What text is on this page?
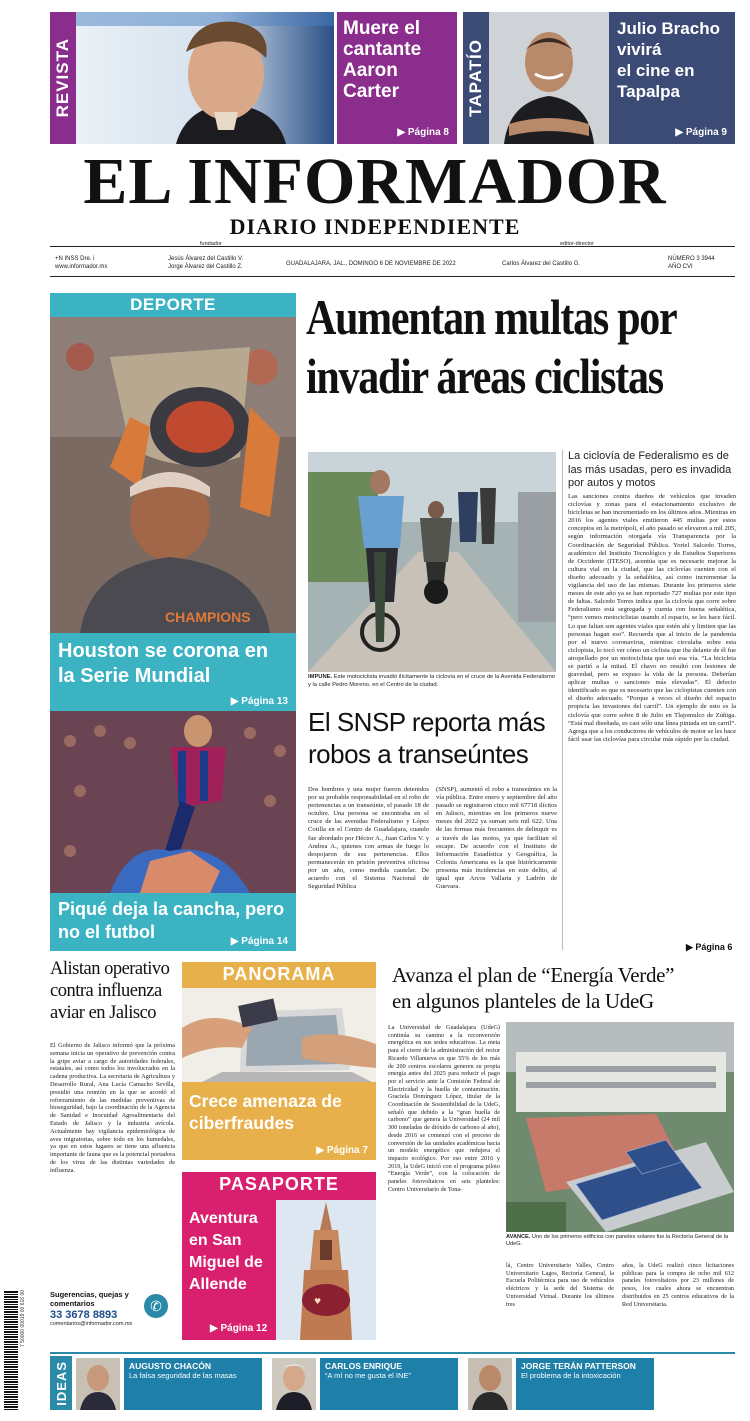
REVISTA
Muere el
cantante
Aaron
Carter
▶ Página 8
TAPATÍO
Julio Bracho
vivirá
el cine en
Tapalpa
▶ Página 9
EL INFORMADOR
DIARIO INDEPENDIENTE
fundador	editor-director
+N INSS Dre. i
www.informador.mx
Jesús Álvarez del Castillo V.
Jorge Álvarez del Castillo Z.	GUADALAJARA, JAL., DOMINGO 6 DE NOVIEMBRE DE 2022	Carlos Álvarez del Castillo G.
NÚMERO 3 3944
AÑO CVI
DEPORTE
CHAMPIONS
Houston se corona en la Serie Mundial
▶ Página 13
Piqué deja la cancha, pero no el futbol	▶ Página 14
Aumentan multas por
invadir áreas ciclistas
IMPUNE. Este motociclista invadió ilícitamente la ciclovía en el cruce de la Avenida Federalismo y la calle Pedro Moreno, en el Centro de la ciudad.
La ciclovía de Federalismo es de las más usadas, pero es invadida por autos y motos
Las sanciones contra dueños de vehículos que invaden ciclovías y zonas para el estacionamiento exclusivo de bicicletas se han incrementado en los últimos años. Mientras en 2016 los agentes viales emitieron 445 multas por estos conceptos en la metrópoli, el año pasado se elevaron a mil 205, según información otorgada vía Transparencia por la Coordinación de Seguridad Pública. Yoriel Salcedo Torres, académico del Instituto Tecnológico y de Estudios Superiores de Occidente (ITESO), acentúa que es necesario mejorar la cultura vial en la ciudad, que las ciclovías cuenten con el diseño adecuado y la señalética, así como incrementar la vigilancia del uso de las mismas. Durante los primeros siete meses de este año ya se han reportado 727 multas por este tipo de faltas. Salcedo Torres indica que la ciclovía que corre sobre Federalismo está segregada y cuenta con buena señalética, “pero vemos motociclistas usando el espacio, se les hace fácil. Lo que faltan son agentes viales que estén ahí y limiten que las personas hagan eso”. Recuerda que al inicio de la pandemia por el nuevo coronavirus, mientras circulaba sobre esta ciclopista, lo tocó ver cómo un ciclista que iba delante de él fue atropellado por un motociclista que usó esa vía. “La bicicleta se partió a la mitad. El chavo no resultó con lesiones de gravedad, pero se expuso la vida de la persona. Deberían aplicar multas o sanciones más elevadas”. El defecto identificado es que es necesario que las ciclopistas cuenten con el diseño adecuado. “Porque a veces el diseño del espacio propicia las invasiones del carril”. Un ejemplo de esto es la ciclovía que corre sobre 8 de Julio en Tlajomulco de Zúñiga. “Está mal diseñada, es casi sólo una línea pintada en un carril”. Agrega que a los conductores de vehículos de motor se les hace fácil usar las ciclovías para circular más rápido por la ciudad.
▶ Página 6
El SNSP reporta más
robos a transeúntes
Dos hombres y una mujer fueron detenidos por su probable responsabilidad en el robo de pertenencias a un transeúnte, el pasado 18 de octubre. Una persona se encontraba en el cruce de las avenidas Federalismo y López Cotilla en el Centro de Guadalajara, cuando fue abordado por Héctor A., Juan Carlos V. y Andrea A., quienes con armas de fuego lo despojaron de sus pertenencias. Ellos permanecerán en prisión preventiva oficiosa por un año, como medida cautelar. De acuerdo con el Sistema Nacional de Seguridad Pública
(SNSP), aumentó el robo a transeúntes en la vía pública. Entre enero y septiembre del año pasado se registraron cinco mil 67718 ilícitos en Jalisco, mientras en los primeros nueve meses del 2022 ya suman seis mil 622. Una de las formas más frecuentes de delinquir es a través de las motos, ya que facilitan el escape. De acuerdo con el Instituto de Información Estadística y Geográfica, la Colonia Americana es la que históricamente presenta más incidencias en este delito, al igual que Arcos Vallarta y Ladrón de Guevara.
Alistan operativo contra influenza aviar en Jalisco
El Gobierno de Jalisco informó que la próxima semana inicia un operativo de prevención contra la gripe aviar a cargo de autoridades federales, estatales, así como todos los involucrados en la cadena productiva. La secretaria de Agricultura y Desarrollo Rural, Ana Lucía Camacho Sevilla, presidió una reunión en la que se acordó el reforzamiento de las medidas preventivas de bioseguridad, bajo la coordinación de la Agencia de Sanidad e Inocuidad Agroalimentaria del Estado de Jalisco y la industria avícola. Actualmente hay vigilancia epidemiológica de aves migratorias, sobre todo en los humedales, ya que en estos lugares se tiene una afluencia importante de fauna que es la potencial portadora de los virus de las distintas variedades de influenza.
PANORAMA
Crece amenaza de ciberfraudes
▶ Página 7
PASAPORTE
Aventura en San Miguel de Allende
♥
▶ Página 12
Avanza el plan de “Energía Verde”
en algunos planteles de la UdeG
La Universidad de Guadalajara (UdeG) continúa su camino a la reconversión energética en sus sedes educativas. La meta para el cierre de la administración del rector Ricardo Villanueva es que 55% de los más de 200 centros escolares generen su propia energía antes del 2025 para reducir el pago por el servicio ante la Comisión Federal de Electricidad y la huella de contaminación. Graciela Domínguez López, titular de la Coordinación de Sostenibilidad de la UdeG, señaló que debido a la “gran huella de carbono” que genera la Universidad (24 mil 300 toneladas de dióxido de carbono al año), desde 2016 se comenzó con el proceso de conversión de las unidades académicas hacia un modelo energético que redujera el impacto ecológico. Por eso entre 2016 y 2019, la UdeG inició con el programa piloto “Energía Verde”, con la colocación de paneles fotovoltaicos en seis planteles: Centro Universitario de Tona-
AVANCE. Uno de los primeros edificios con paneles solares fue la Rectoría General de la UdeG.
lá, Centro Universitario Valles, Centro Universitario Lagos, Rectoría General, la Escuela Politécnica para uso de vehículos eléctricos y la sede del Sistema de Universidad Virtual. Durante los últimos tres
años, la UdeG realizó cinco licitaciones públicas para la compra de ocho mil 612 paneles fotovoltaicos por 23 millones de pesos, los cuales ahora se encuentran distribuidos en 25 centros educativos de la Red Universitaria.
Sugerencias, quejas y comentarios
33 3678 8893
comentarios@informador.com.mx
✆
7 50000 00019 00 616 00
IDEAS	AUGUSTO CHACÓN
La falsa seguridad de las masas
CARLOS ENRIQUE
“A mí no me gusta el INE”
JORGE TERÁN PATTERSON
El problema de la intoxicación
